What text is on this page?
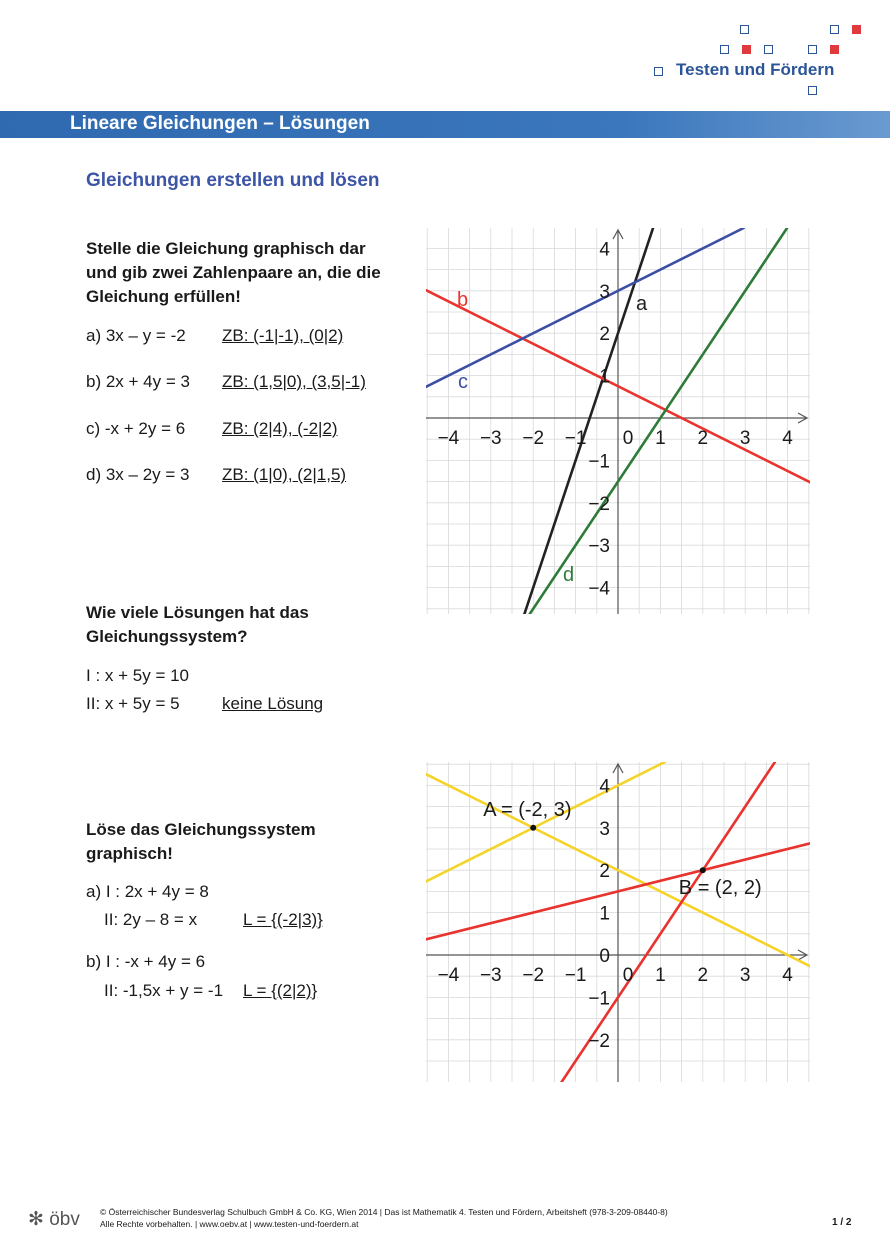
Testen und Fördern
Lineare Gleichungen – Lösungen
Gleichungen erstellen und lösen
Stelle die Gleichung graphisch dar
und gib zwei Zahlenpaare an, die die
Gleichung erfüllen!
a) 3x – y = -2 ZB: (-1|-1), (0|2)
b) 2x + 4y = 3 ZB: (1,5|0), (3,5|-1)
c) -x + 2y = 6 ZB: (2|4), (-2|2)
d) 3x – 2y = 3 ZB: (1|0), (2|1,5)
Wie viele Lösungen hat das
Gleichungssystem?
I : x + 5y = 10
II: x + 5y = 5 keine Lösung
Löse das Gleichungssystem
graphisch!
a) I : 2x + 4y = 8
II: 2y – 8 = x	L = {(-2|3)}
b) I : -x + 4y = 6
II: -1,5x + y = -1 L = {(2|2)}
−4 −3 −2 −1 0 1 2 3 4
4
3
2
1
−1
−2
−3
−4
a
b
c
d
−4 −3 −2 −1 0 1 2 3 4
4
3
2
1
0
−1
−2
A = (-2, 3)
B = (2, 2)
✻ öbv © Österreichischer Bundesverlag Schulbuch GmbH & Co. KG, Wien 2014 | Das ist Mathematik 4. Testen und Fördern, Arbeitsheft (978-3-209-08440-8)
Alle Rechte vorbehalten. | www.oebv.at | www.testen-und-foerdern.at	1 / 2
